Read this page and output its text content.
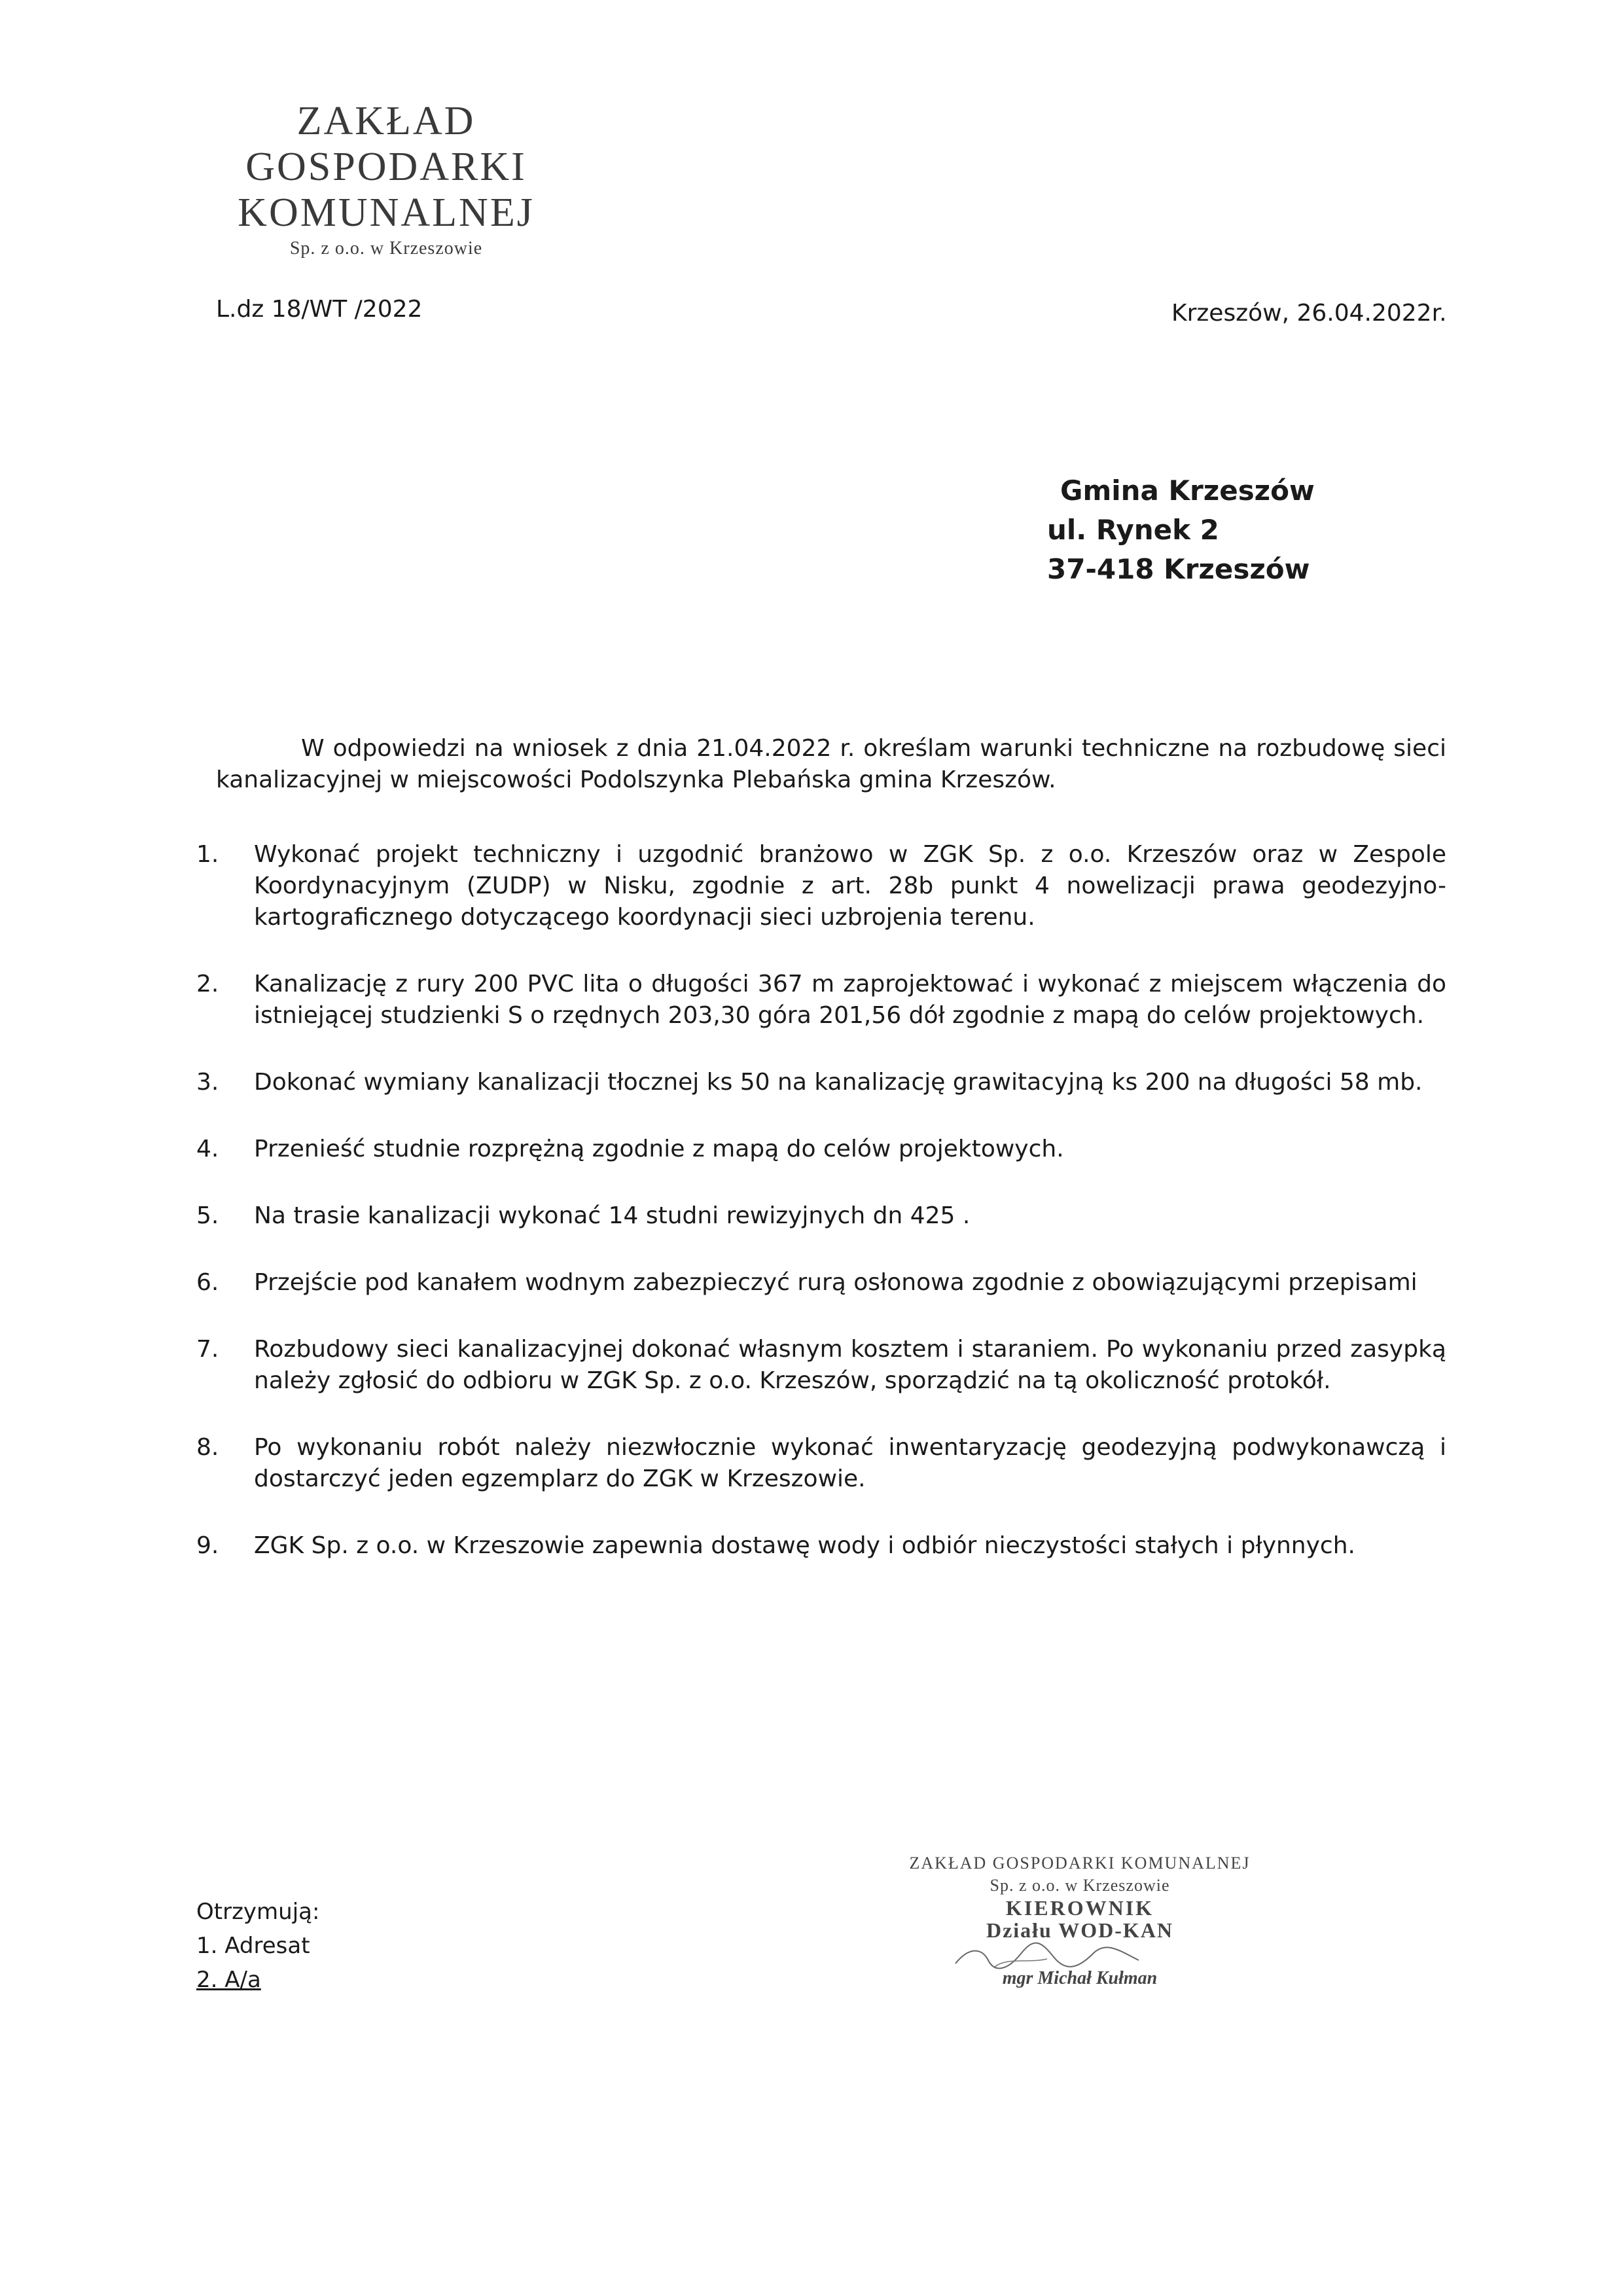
ZAKŁAD
GOSPODARKI
KOMUNALNEJ
Sp. z o.o. w Krzeszowie
L.dz 18/WT /2022	Krzeszów, 26.04.2022r.
Gmina Krzeszów
ul. Rynek 2
37-418 Krzeszów
W odpowiedzi na wniosek z dnia 21.04.2022 r. określam warunki techniczne na rozbudowę sieci kanalizacyjnej w miejscowości Podolszynka Plebańska gmina Krzeszów.
1.	Wykonać projekt techniczny i uzgodnić branżowo w ZGK Sp. z o.o. Krzeszów oraz w Zespole Koordynacyjnym (ZUDP) w Nisku, zgodnie z art. 28b punkt 4 nowelizacji prawa geodezyjno-kartograficznego dotyczącego koordynacji sieci uzbrojenia terenu.
2.	Kanalizację z rury 200 PVC lita o długości 367 m zaprojektować i wykonać z miejscem włączenia do istniejącej studzienki S o rzędnych 203,30 góra 201,56 dół zgodnie z mapą do celów projektowych.
3.	Dokonać wymiany kanalizacji tłocznej ks 50 na kanalizację grawitacyjną ks 200 na długości 58 mb.
4.	Przenieść studnie rozprężną zgodnie z mapą do celów projektowych.
5.	Na trasie kanalizacji wykonać 14 studni rewizyjnych dn 425 .
6.	Przejście pod kanałem wodnym zabezpieczyć rurą osłonowa zgodnie z obowiązującymi przepisami
7.	Rozbudowy sieci kanalizacyjnej dokonać własnym kosztem i staraniem. Po wykonaniu przed zasypką należy zgłosić do odbioru w ZGK Sp. z o.o. Krzeszów, sporządzić na tą okoliczność protokół.
8.	Po wykonaniu robót należy niezwłocznie wykonać inwentaryzację geodezyjną podwykonawczą i dostarczyć jeden egzemplarz do ZGK w Krzeszowie.
9.	ZGK Sp. z o.o. w Krzeszowie zapewnia dostawę wody i odbiór nieczystości stałych i płynnych.
Otrzymują:
1. Adresat
2. A/a
ZAKŁAD GOSPODARKI KOMUNALNEJ
Sp. z o.o. w Krzeszowie
KIEROWNIK
Działu WOD-KAN
mgr Michał Kułman
